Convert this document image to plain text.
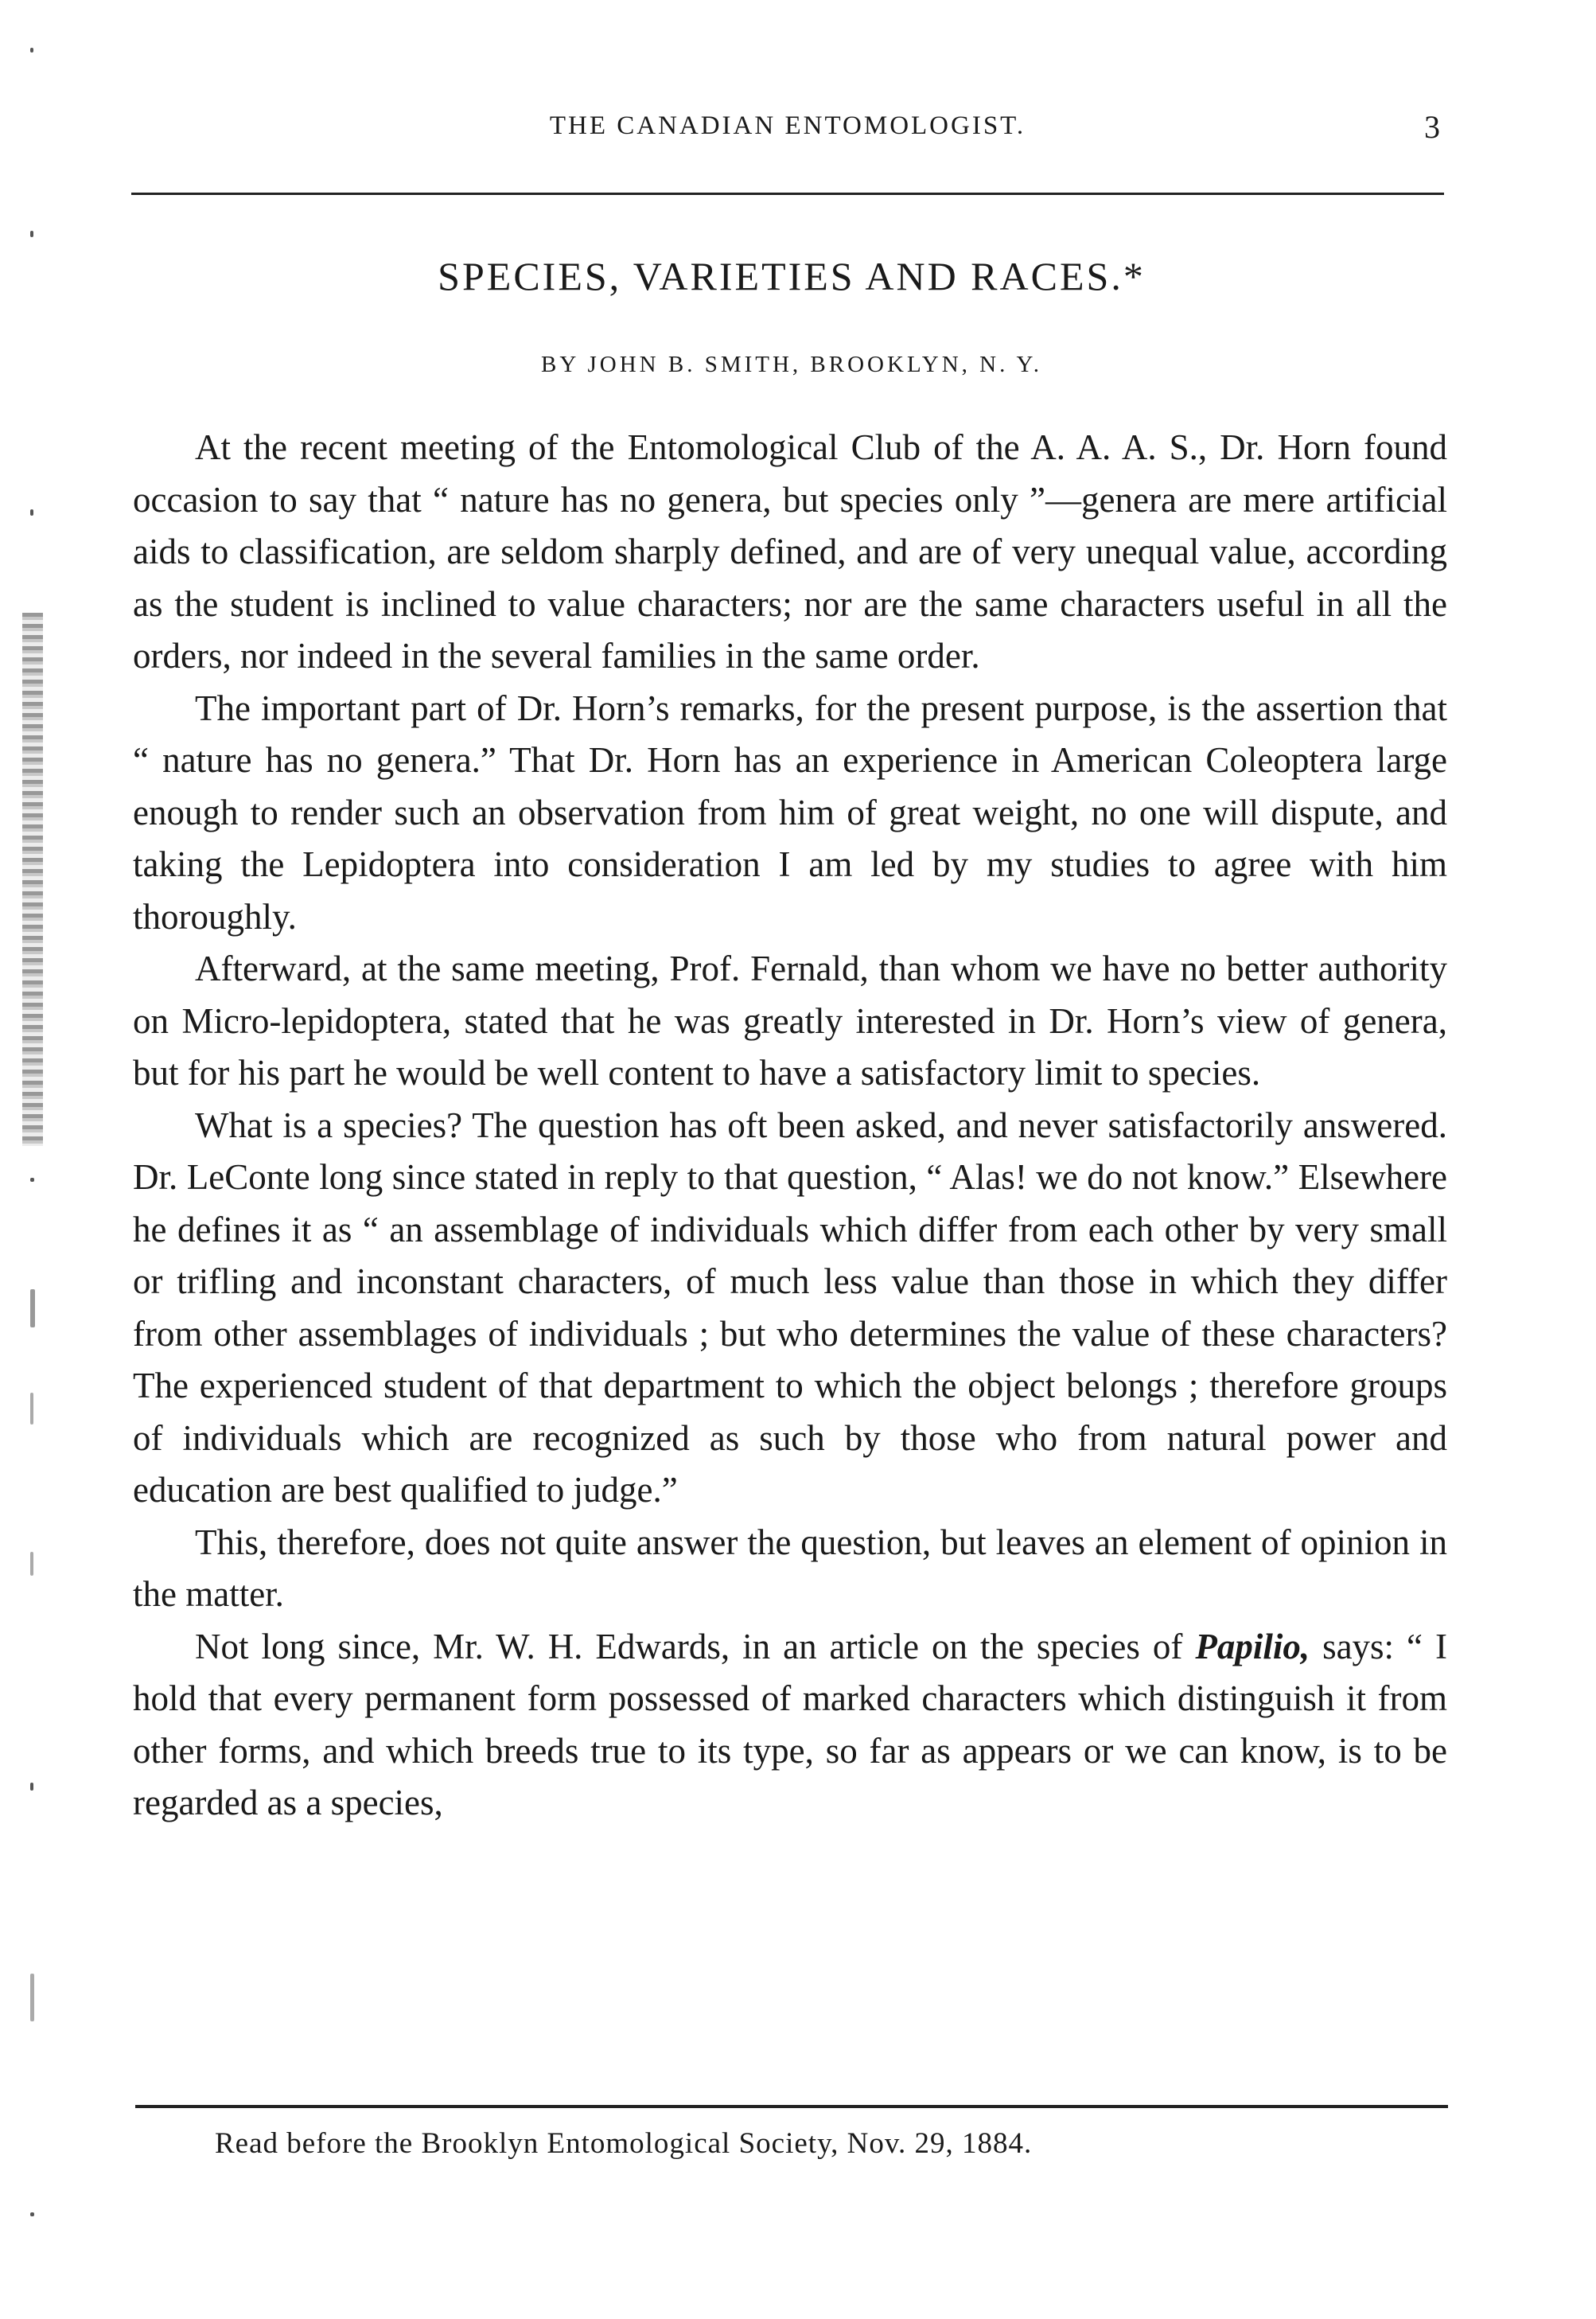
THE CANADIAN ENTOMOLOGIST.	3
SPECIES, VARIETIES AND RACES.*
BY JOHN B. SMITH, BROOKLYN, N. Y.

At the recent meeting of the Entomological Club of the A. A. A. S., Dr. Horn found occasion to say that “ nature has no genera, but species only ”—genera are mere artificial aids to classification, are seldom sharply defined, and are of very unequal value, according as the student is inclined to value characters; nor are the same characters useful in all the orders, nor indeed in the several families in the same order.

The important part of Dr. Horn’s remarks, for the present purpose, is the assertion that “ nature has no genera.” That Dr. Horn has an experience in American Coleoptera large enough to render such an observation from him of great weight, no one will dispute, and taking the Lepidoptera into consideration I am led by my studies to agree with him thoroughly.

Afterward, at the same meeting, Prof. Fernald, than whom we have no better authority on Micro-lepidoptera, stated that he was greatly interested in Dr. Horn’s view of genera, but for his part he would be well content to have a satisfactory limit to species.

What is a species? The question has oft been asked, and never satisfactorily answered. Dr. LeConte long since stated in reply to that question, “ Alas! we do not know.” Elsewhere he defines it as “ an assemblage of individuals which differ from each other by very small or trifling and inconstant characters, of much less value than those in which they differ from other assemblages of individuals ; but who determines the value of these characters? The experienced student of that department to which the object belongs ; therefore groups of individuals which are recognized as such by those who from natural power and education are best qualified to judge.”

This, therefore, does not quite answer the question, but leaves an element of opinion in the matter.

Not long since, Mr. W. H. Edwards, in an article on the species of Papilio, says: “ I hold that every permanent form possessed of marked characters which distinguish it from other forms, and which breeds true to its type, so far as appears or we can know, is to be regarded as a species,

Read before the Brooklyn Entomological Society, Nov. 29, 1884.
